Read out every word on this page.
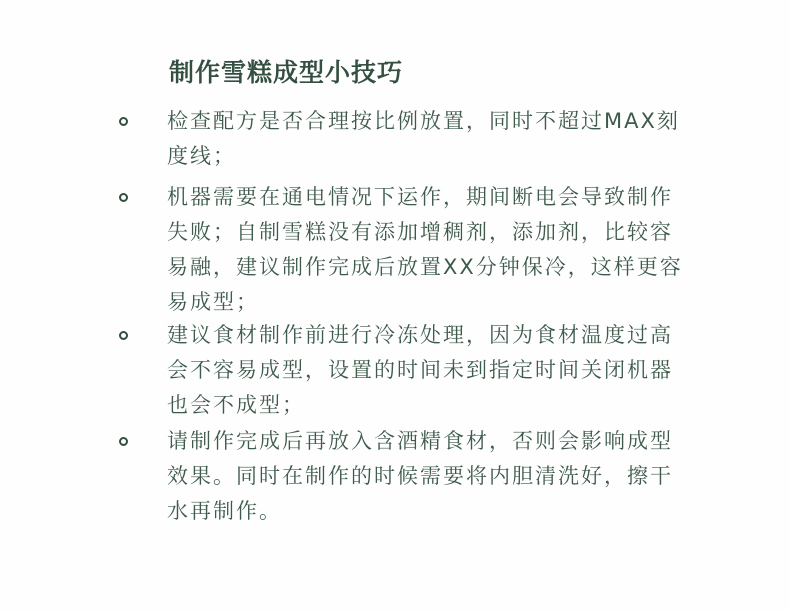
制作雪糕成型小技巧

检查配方是否合理按比例放置，同时不超过MAX刻
度线；

机器需要在通电情况下运作，期间断电会导致制作
失败；自制雪糕没有添加增稠剂，添加剂，比较容
易融，建议制作完成后放置XX分钟保冷，这样更容
易成型；

建议食材制作前进行冷冻处理，因为食材温度过高
会不容易成型，设置的时间未到指定时间关闭机器
也会不成型；

请制作完成后再放入含酒精食材，否则会影响成型
效果。同时在制作的时候需要将内胆清洗好，擦干
水再制作。
